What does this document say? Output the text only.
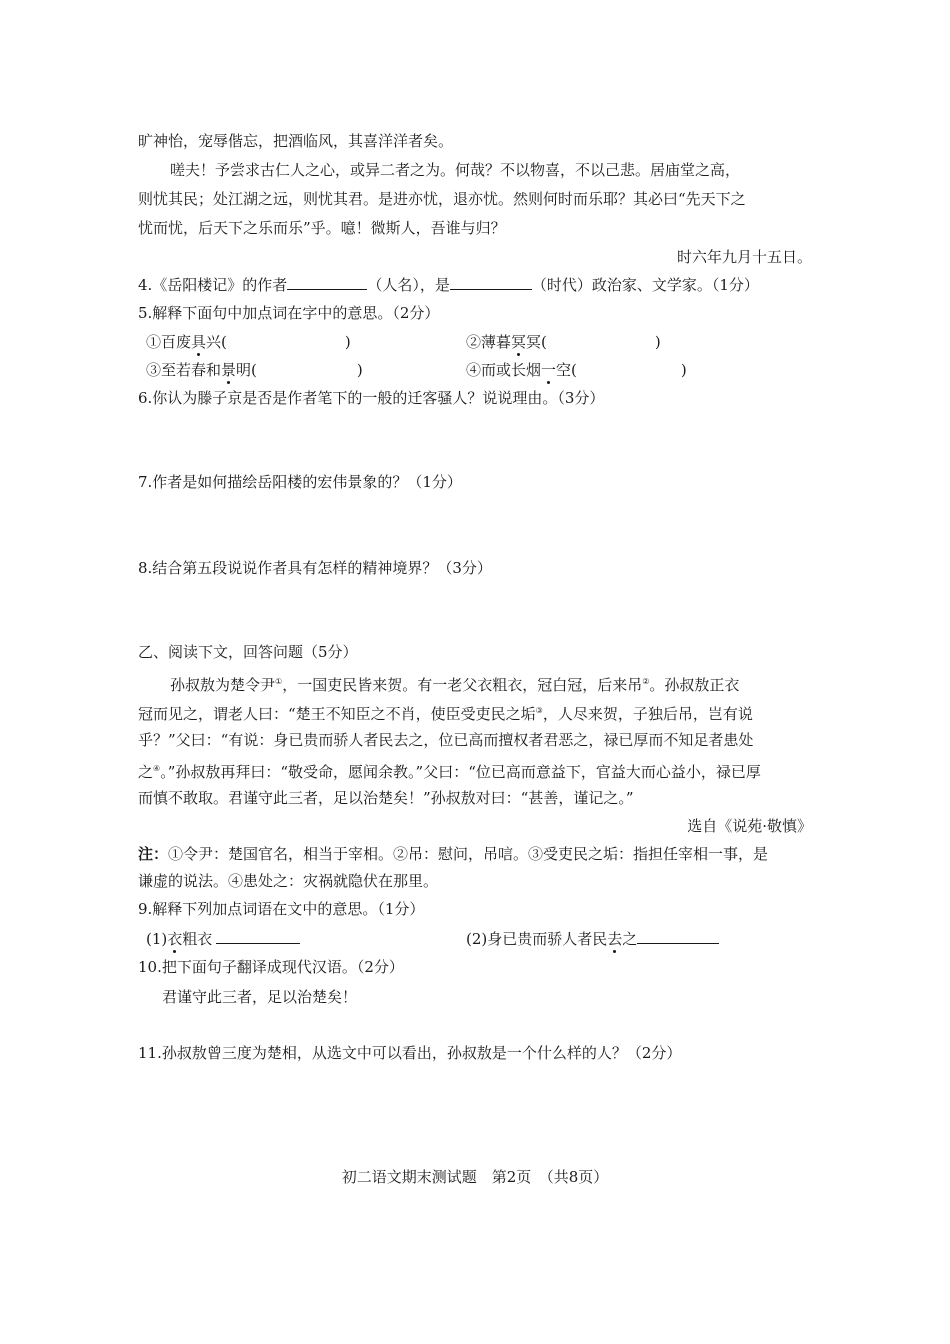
旷神怡，宠辱偕忘，把酒临风，其喜洋洋者矣。
嗟夫！予尝求古仁人之心，或异二者之为。何哉？不以物喜，不以己悲。居庙堂之高，
则忧其民；处江湖之远，则忧其君。是进亦忧，退亦忧。然则何时而乐耶？其必曰“先天下之
忧而忧，后天下之乐而乐”乎。噫！微斯人，吾谁与归？
时六年九月十五日。
4.《岳阳楼记》的作者	（人名），是	（时代）政治家、文学家。（1分）
5.解释下面句中加点词在字中的意思。（2分）
①百废具兴(	)	②薄暮冥冥(	)
③至若春和景明(	)	④而或长烟一空(	)
6.你认为滕子京是否是作者笔下的一般的迁客骚人？说说理由。（3分）
7.作者是如何描绘岳阳楼的宏伟景象的？（1分）
8.结合第五段说说作者具有怎样的精神境界？（3分）
乙、阅读下文，回答问题（5分）
孙叔敖为楚令尹①，一国吏民皆来贺。有一老父衣粗衣，冠白冠，后来吊②。孙叔敖正衣
冠而见之，谓老人曰：“楚王不知臣之不肖，使臣受吏民之垢③，人尽来贺，子独后吊，岂有说
乎？”父曰：“有说：身已贵而骄人者民去之，位已高而擅权者君恶之，禄已厚而不知足者患处
之④。”孙叔敖再拜曰：“敬受命，愿闻余教。”父曰：“位已高而意益下，官益大而心益小，禄已厚
而慎不敢取。君谨守此三者，足以治楚矣！”孙叔敖对曰：“甚善，谨记之。”
选自《说苑·敬慎》
注：①令尹：楚国官名，相当于宰相。②吊：慰问，吊唁。③受吏民之垢：指担任宰相一事，是
谦虚的说法。④患处之：灾祸就隐伏在那里。
9.解释下列加点词语在文中的意思。（1分）
(1)衣粗衣	(2)身已贵而骄人者民去之
10.把下面句子翻译成现代汉语。（2分）
君谨守此三者，足以治楚矣！
11.孙叔敖曾三度为楚相，从选文中可以看出，孙叔敖是一个什么样的人？（2分）
初二语文期末测试题　第2页　（共8页）
